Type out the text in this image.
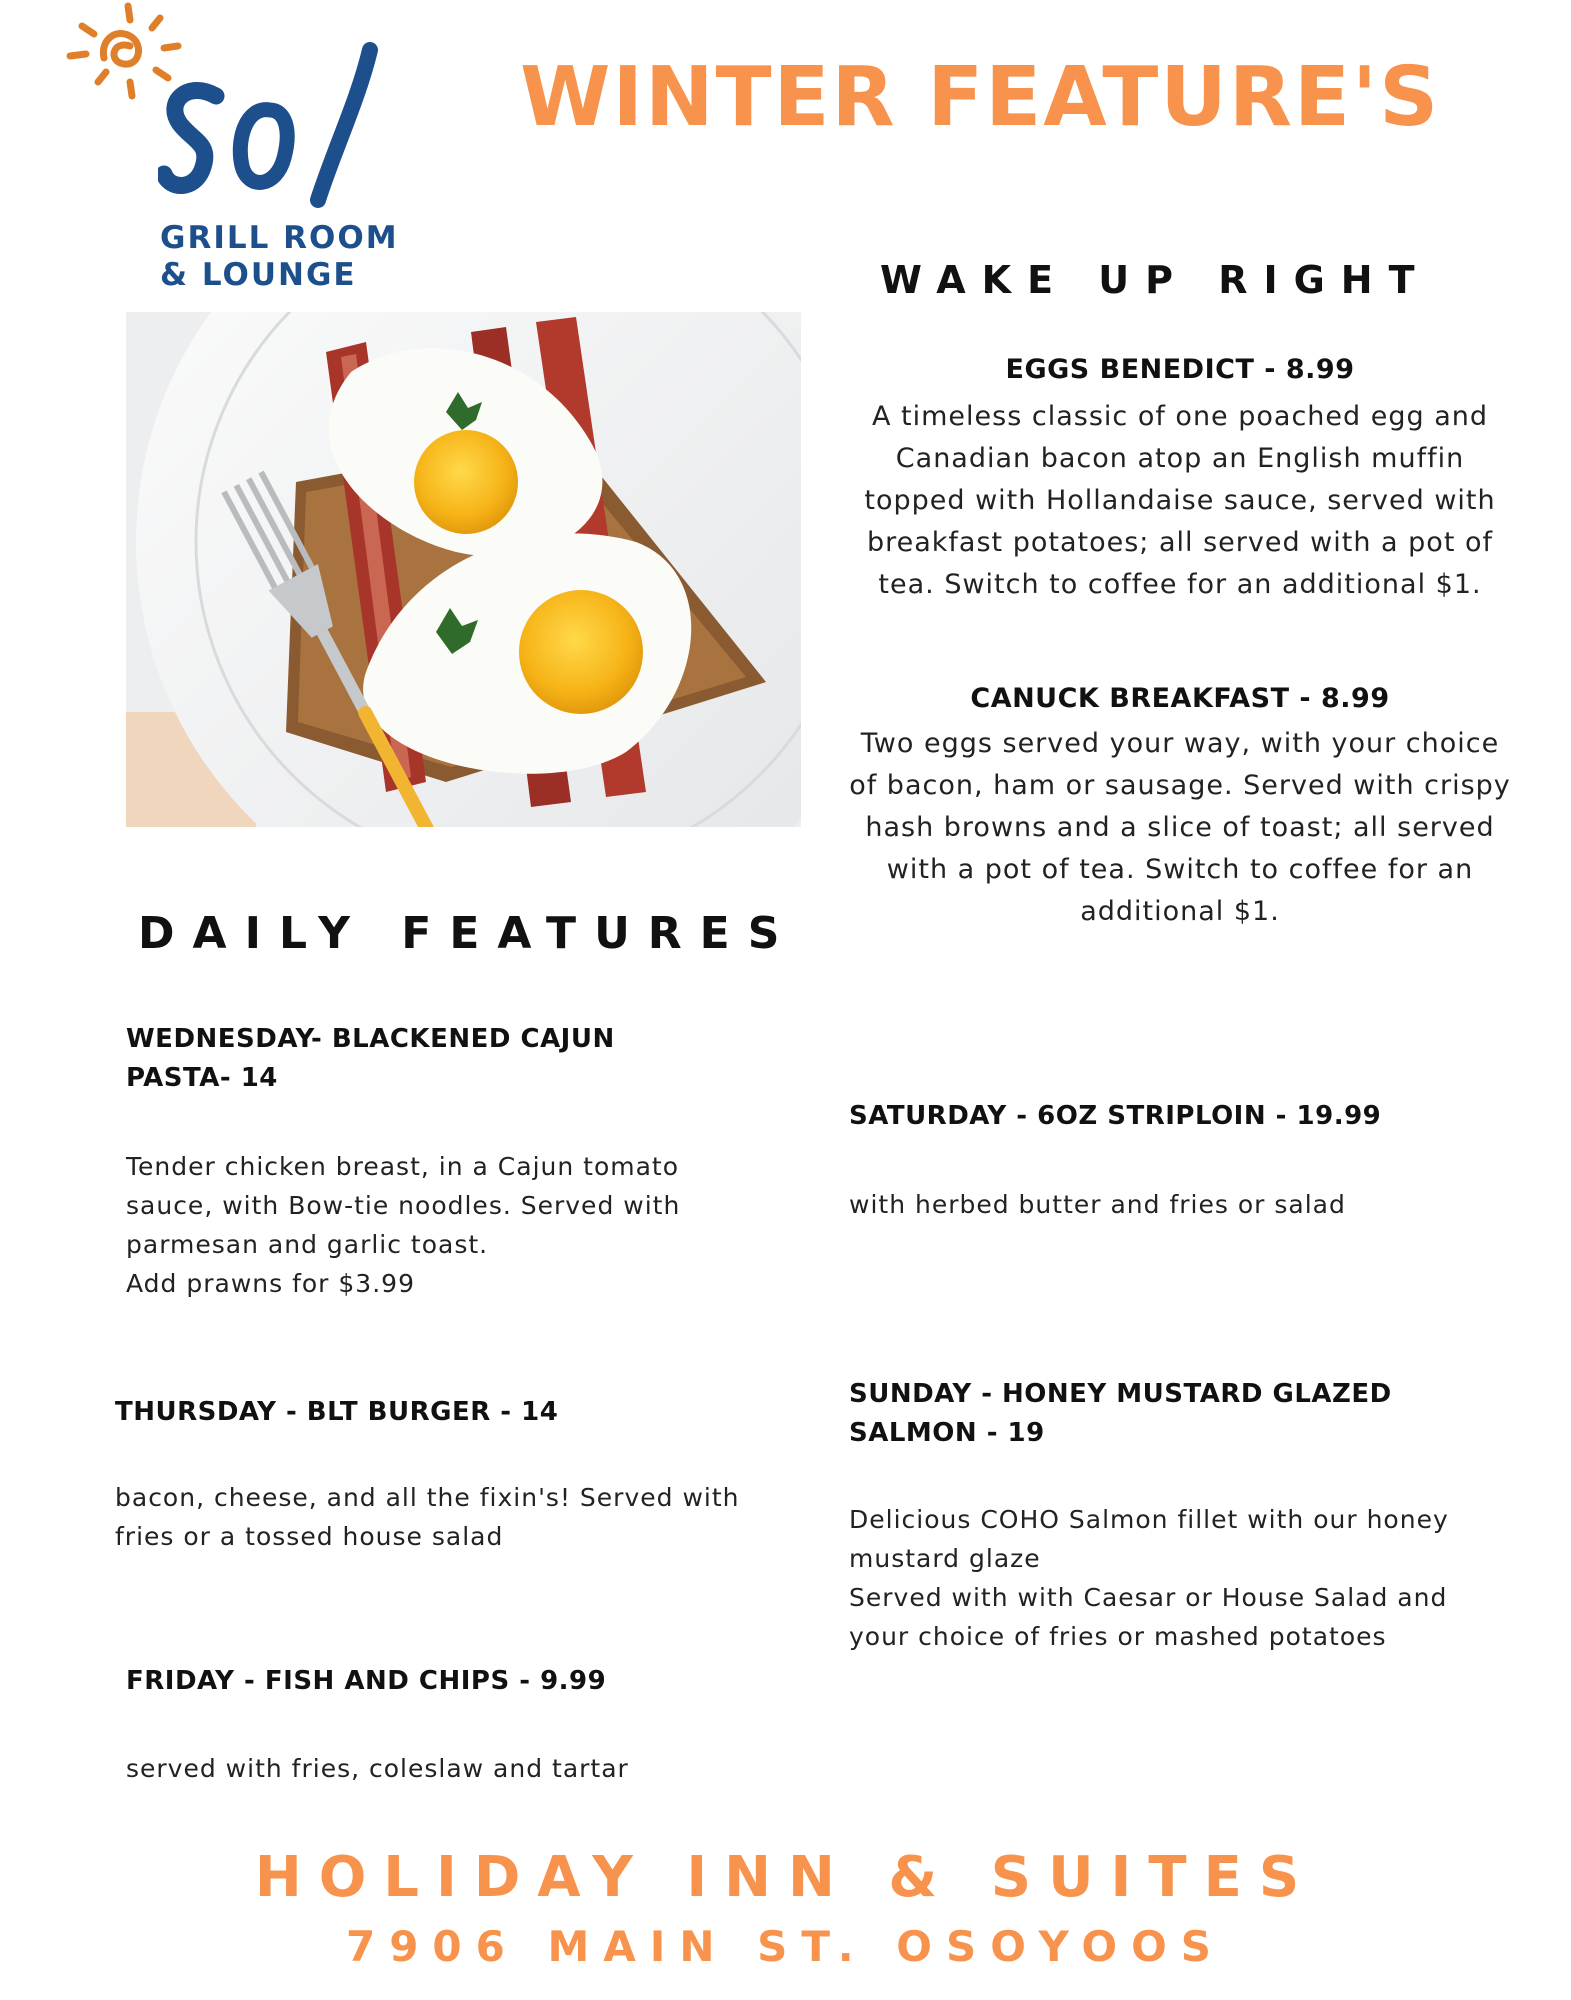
GRILL ROOM
& LOUNGE
WINTER FEATURE'S
WAKE UP RIGHT
EGGS BENEDICT - 8.99
A timeless classic of one poached egg and Canadian bacon atop an English muffin topped with Hollandaise sauce, served with breakfast potatoes; all served with a pot of tea. Switch to coffee for an additional $1.
CANUCK BREAKFAST - 8.99
Two eggs served your way, with your choice of bacon, ham or sausage. Served with crispy hash browns and a slice of toast; all served with a pot of tea. Switch to coffee for an additional $1.
DAILY FEATURES
WEDNESDAY- BLACKENED CAJUN PASTA- 14
Tender chicken breast, in a Cajun tomato sauce, with Bow-tie noodles. Served with parmesan and garlic toast.
Add prawns for $3.99
THURSDAY - BLT BURGER - 14
bacon, cheese, and all the fixin's! Served with fries or a tossed house salad
FRIDAY - FISH AND CHIPS - 9.99
served with fries, coleslaw and tartar
SATURDAY - 6OZ STRIPLOIN - 19.99
with herbed butter and fries or salad
SUNDAY - HONEY MUSTARD GLAZED SALMON - 19
Delicious COHO Salmon fillet with our honey mustard glaze
Served with with Caesar or House Salad and your choice of fries or mashed potatoes
HOLIDAY INN & SUITES
7906 MAIN ST. OSOYOOS
